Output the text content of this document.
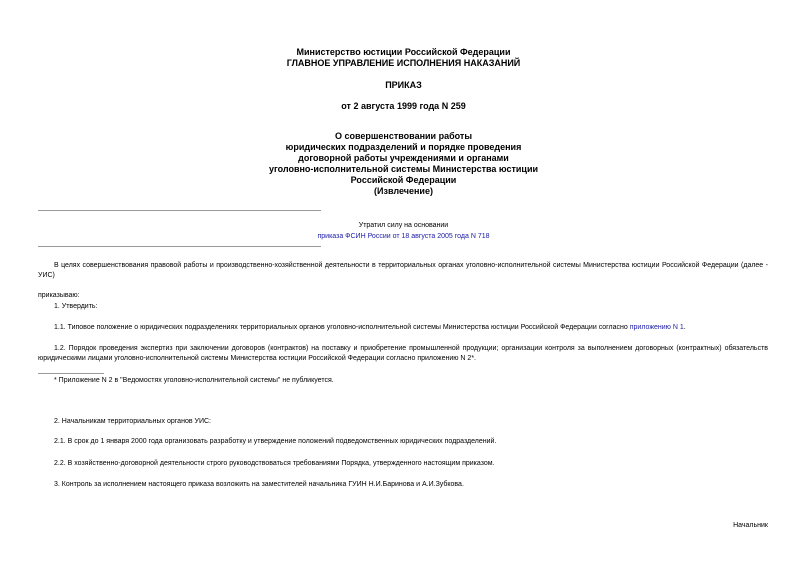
Министерство юстиции Российской Федерации
ГЛАВНОЕ УПРАВЛЕНИЕ ИСПОЛНЕНИЯ НАКАЗАНИЙ
ПРИКАЗ
от 2 августа 1999 года N 259
О совершенствовании работы
юридических подразделений и порядке проведения
договорной работы учреждениями и органами
уголовно-исполнительной системы Министерства юстиции
Российской Федерации
(Извлечение)
Утратил силу на основании
приказа ФСИН России от 18 августа 2005 года N 718
В целях совершенствования правовой работы и производственно-хозяйственной деятельности в территориальных органах уголовно-исполнительной системы Министерства юстиции Российской Федерации (далее - УИС)
приказываю:
1. Утвердить:
1.1. Типовое положение о юридических подразделениях территориальных органов уголовно-исполнительной системы Министерства юстиции Российской Федерации согласно приложению N 1.
1.2. Порядок проведения экспертиз при заключении договоров (контрактов) на поставку и приобретение промышленной продукции; организации контроля за выполнением договорных (контрактных) обязательств юридическими лицами уголовно-исполнительной системы Министерства юстиции Российской Федерации согласно приложению N 2*.
* Приложение N 2 в "Ведомостях уголовно-исполнительной системы" не публикуется.
2. Начальникам территориальных органов УИС:
2.1. В срок до 1 января 2000 года организовать разработку и утверждение положений подведомственных юридических подразделений.
2.2. В хозяйственно-договорной деятельности строго руководствоваться требованиями Порядка, утвержденного настоящим приказом.
3. Контроль за исполнением настоящего приказа возложить на заместителей начальника ГУИН Н.И.Баринова и А.И.Зубкова.
Начальник
